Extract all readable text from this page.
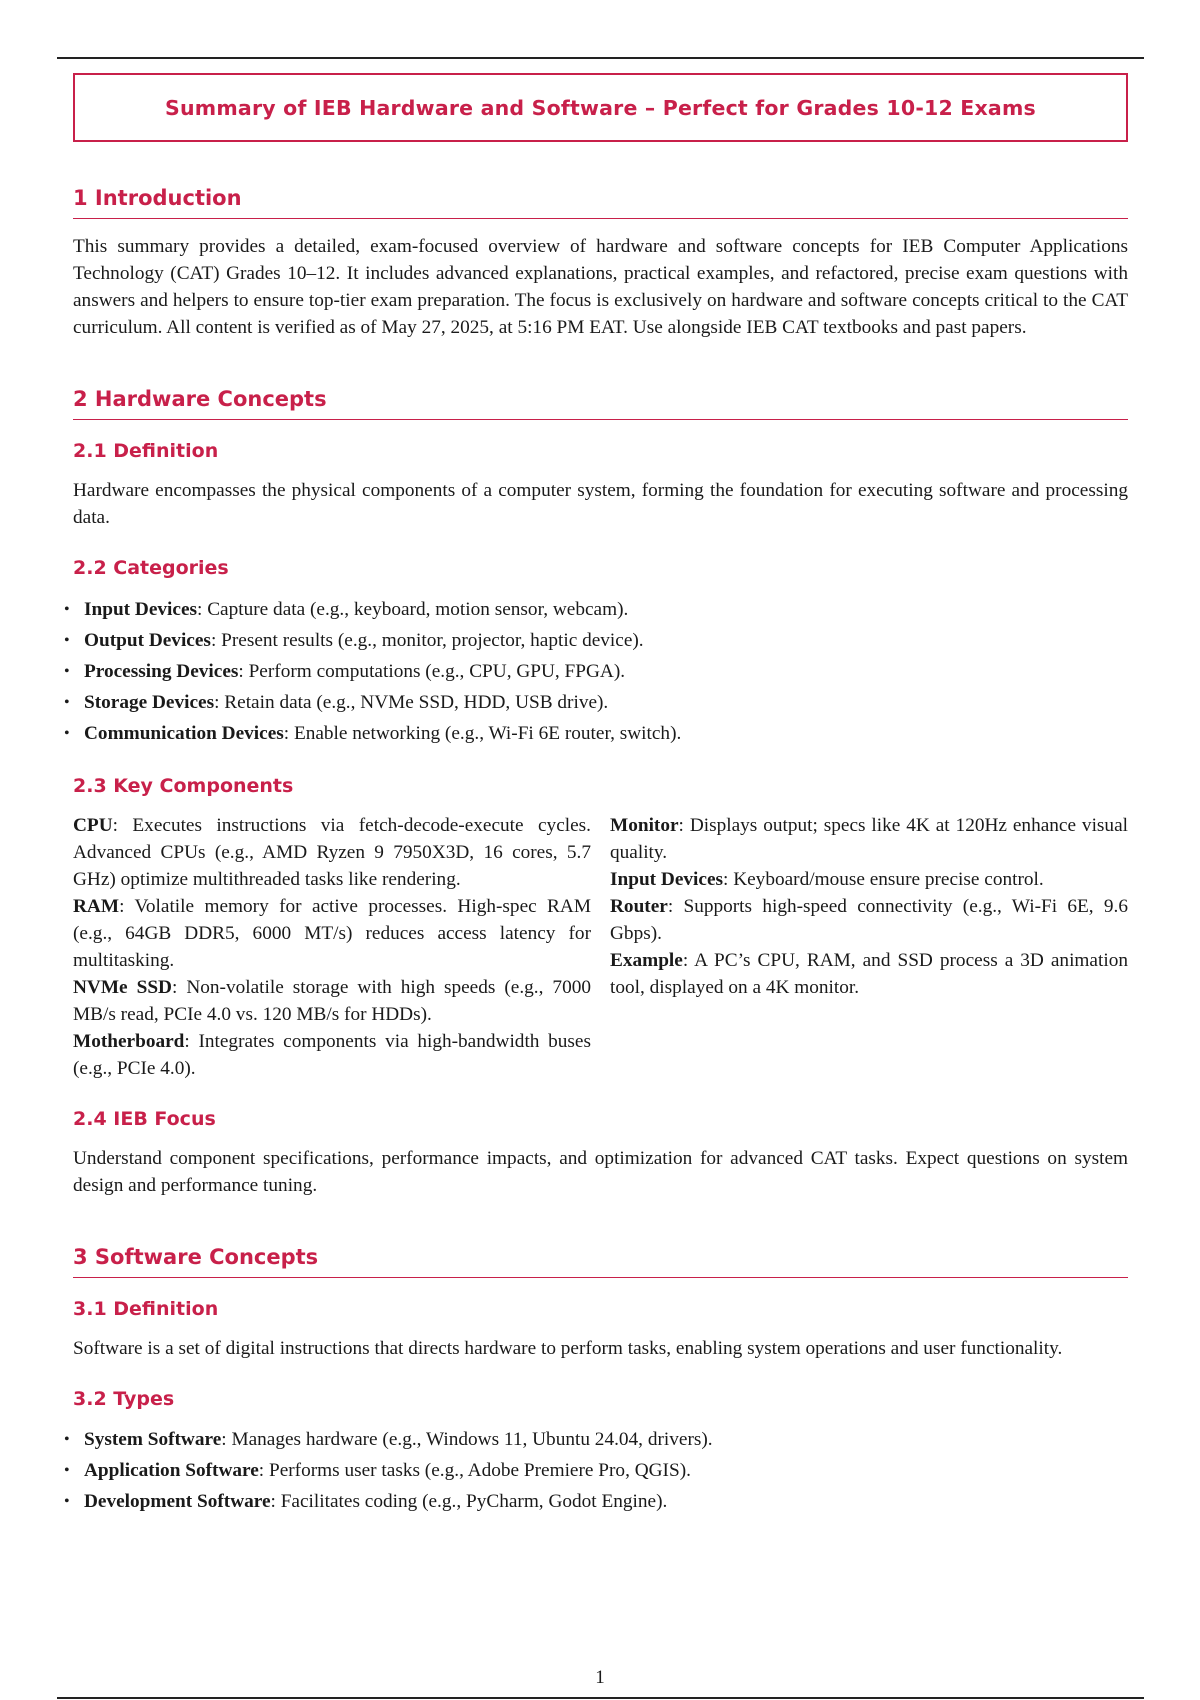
Summary of IEB Hardware and Software – Perfect for Grades 10-12 Exams
1 Introduction

This summary provides a detailed, exam-focused overview of hardware and software concepts for IEB Computer Applications Technology (CAT) Grades 10–12. It includes advanced explanations, practical examples, and refactored, precise exam questions with answers and helpers to ensure top-tier exam preparation. The focus is exclusively on hardware and software concepts critical to the CAT curriculum. All content is verified as of May 27, 2025, at 5:16 PM EAT. Use alongside IEB CAT textbooks and past papers.

2 Hardware Concepts
2.1 Definition

Hardware encompasses the physical components of a computer system, forming the foundation for executing software and processing data.

2.2 Categories
• Input Devices: Capture data (e.g., keyboard, motion sensor, webcam).
• Output Devices: Present results (e.g., monitor, projector, haptic device).
• Processing Devices: Perform computations (e.g., CPU, GPU, FPGA).
• Storage Devices: Retain data (e.g., NVMe SSD, HDD, USB drive).
• Communication Devices: Enable networking (e.g., Wi-Fi 6E router, switch).
2.3 Key Components

CPU: Executes instructions via fetch-decode-execute cycles. Advanced CPUs (e.g., AMD Ryzen 9 7950X3D, 16 cores, 5.7 GHz) optimize multithreaded tasks like rendering.

RAM: Volatile memory for active processes. High-spec RAM (e.g., 64GB DDR5, 6000 MT/s) reduces access latency for multitasking.

NVMe SSD: Non-volatile storage with high speeds (e.g., 7000 MB/s read, PCIe 4.0 vs. 120 MB/s for HDDs).

Motherboard: Integrates components via high-bandwidth buses (e.g., PCIe 4.0).

Monitor: Displays output; specs like 4K at 120Hz enhance visual quality.

Input Devices: Keyboard/mouse ensure precise control.

Router: Supports high-speed connectivity (e.g., Wi-Fi 6E, 9.6 Gbps).

Example: A PC’s CPU, RAM, and SSD process a 3D animation tool, displayed on a 4K monitor.

2.4 IEB Focus

Understand component specifications, performance impacts, and optimization for advanced CAT tasks. Expect questions on system design and performance tuning.

3 Software Concepts
3.1 Definition

Software is a set of digital instructions that directs hardware to perform tasks, enabling system operations and user functionality.

3.2 Types
• System Software: Manages hardware (e.g., Windows 11, Ubuntu 24.04, drivers).
• Application Software: Performs user tasks (e.g., Adobe Premiere Pro, QGIS).
• Development Software: Facilitates coding (e.g., PyCharm, Godot Engine).
1
